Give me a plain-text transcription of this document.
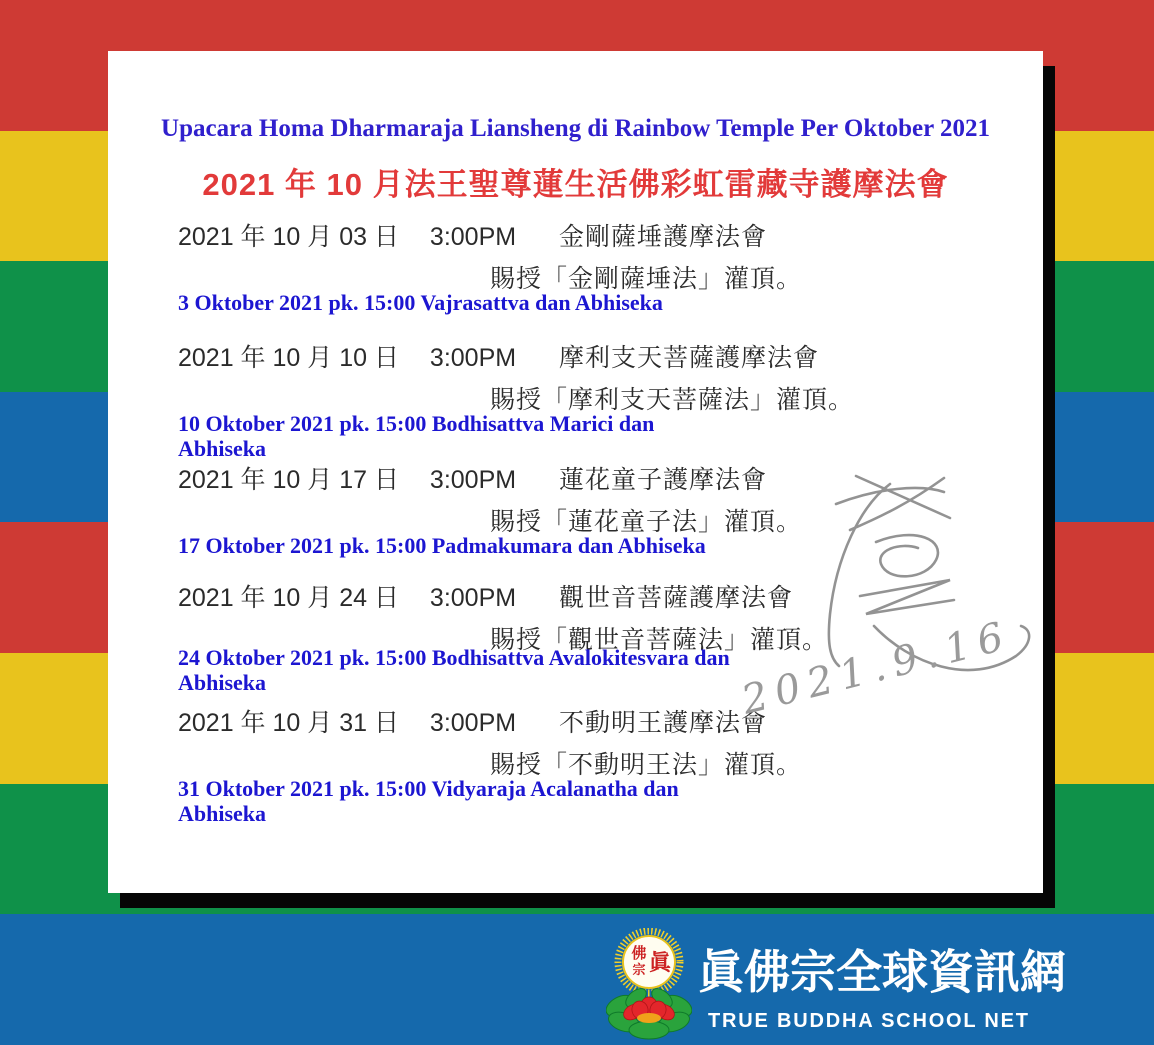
Upacara Homa Dharmaraja Liansheng di Rainbow Temple Per Oktober 2021
2021 年 10 月法王聖尊蓮生活佛彩虹雷藏寺護摩法會
2021 年 10 月 03 日 3:00PM 金剛薩埵護摩法會
賜授「金剛薩埵法」灌頂。
3 Oktober 2021 pk. 15:00 Vajrasattva dan Abhiseka
2021 年 10 月 10 日 3:00PM 摩利支天菩薩護摩法會
賜授「摩利支天菩薩法」灌頂。
10 Oktober 2021 pk. 15:00 Bodhisattva Marici dan Abhiseka
2021 年 10 月 17 日 3:00PM 蓮花童子護摩法會
賜授「蓮花童子法」灌頂。
17 Oktober 2021 pk. 15:00 Padmakumara dan Abhiseka
2021 年 10 月 24 日 3:00PM 觀世音菩薩護摩法會
賜授「觀世音菩薩法」灌頂。
24 Oktober 2021 pk. 15:00 Bodhisattva Avalokitesvara dan Abhiseka
2021 年 10 月 31 日 3:00PM 不動明王護摩法會
賜授「不動明王法」灌頂。
31 Oktober 2021 pk. 15:00 Vidyaraja Acalanatha dan Abhiseka
2021.9.16
佛
宗 眞 眞佛宗全球資訊網
TRUE BUDDHA SCHOOL NET
